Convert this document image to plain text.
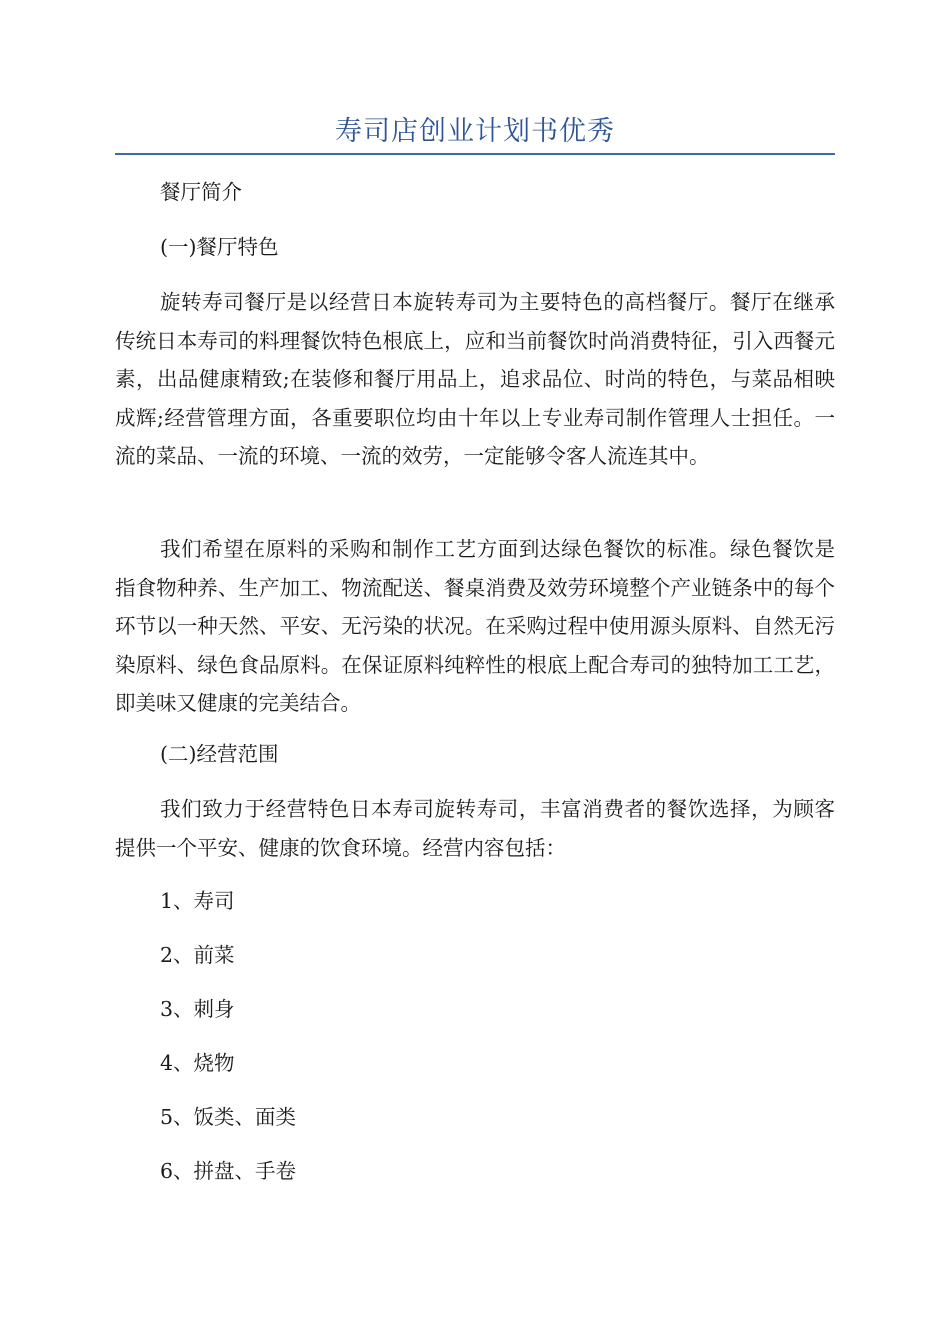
寿司店创业计划书优秀
餐厅简介
(一)餐厅特色
旋转寿司餐厅是以经营日本旋转寿司为主要特色的高档餐厅。餐厅在继承传统日本寿司的料理餐饮特色根底上，应和当前餐饮时尚消费特征，引入西餐元素，出品健康精致;在装修和餐厅用品上，追求品位、时尚的特色，与菜品相映成辉;经营管理方面，各重要职位均由十年以上专业寿司制作管理人士担任。一流的菜品、一流的环境、一流的效劳，一定能够令客人流连其中。
我们希望在原料的采购和制作工艺方面到达绿色餐饮的标准。绿色餐饮是指食物种养、生产加工、物流配送、餐桌消费及效劳环境整个产业链条中的每个环节以一种天然、平安、无污染的状况。在采购过程中使用源头原料、自然无污染原料、绿色食品原料。在保证原料纯粹性的根底上配合寿司的独特加工工艺，即美味又健康的完美结合。
(二)经营范围
我们致力于经营特色日本寿司旋转寿司，丰富消费者的餐饮选择，为顾客提供一个平安、健康的饮食环境。经营内容包括：
1、寿司
2、前菜
3、刺身
4、烧物
5、饭类、面类
6、拼盘、手卷
